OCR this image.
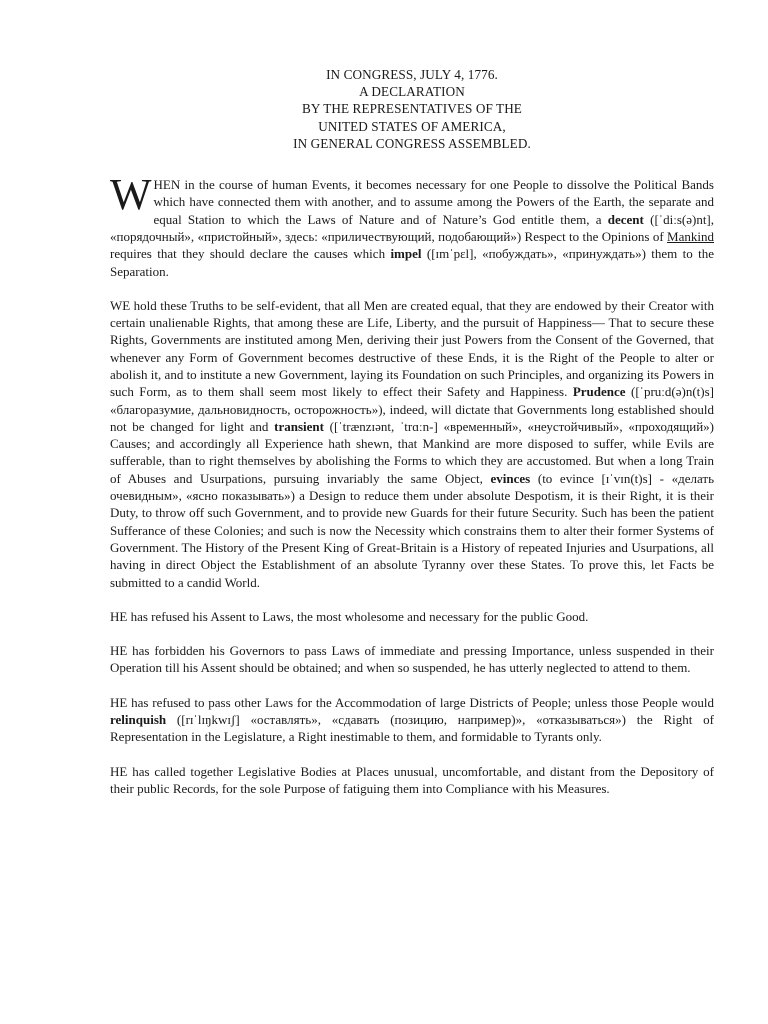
IN CONGRESS, JULY 4, 1776.
A DECLARATION
BY THE REPRESENTATIVES OF THE
UNITED STATES OF AMERICA,
IN GENERAL CONGRESS ASSEMBLED.

WHEN in the course of human Events, it becomes necessary for one People to dissolve the Political Bands which have connected them with another, and to assume among the Powers of the Earth, the separate and equal Station to which the Laws of Nature and of Nature’s God entitle them, a decent ([ˈdiːs(ə)nt], «порядочный», «пристойный», здесь: «приличествующий, подобающий») Respect to the Opinions of Mankind requires that they should declare the causes which impel ([ɪmˈpɛl], «побуждать», «принуждать») them to the Separation.

WE hold these Truths to be self-evident, that all Men are created equal, that they are endowed by their Creator with certain unalienable Rights, that among these are Life, Liberty, and the pursuit of Happiness— That to secure these Rights, Governments are instituted among Men, deriving their just Powers from the Consent of the Governed, that whenever any Form of Government becomes destructive of these Ends, it is the Right of the People to alter or abolish it, and to institute a new Government, laying its Foundation on such Principles, and organizing its Powers in such Form, as to them shall seem most likely to effect their Safety and Happiness. Prudence ([ˈpruːd(ə)n(t)s] «благоразумие, дальновидность, осторожность»), indeed, will dictate that Governments long established should not be changed for light and transient ([ˈtrænzɪənt, ˈtrɑːn-] «временный», «неустойчивый», «проходящий») Causes; and accordingly all Experience hath shewn, that Mankind are more disposed to suffer, while Evils are sufferable, than to right themselves by abolishing the Forms to which they are accustomed. But when a long Train of Abuses and Usurpations, pursuing invariably the same Object, evinces (to evince [ɪˈvɪn(t)s] - «делать очевидным», «ясно показывать») a Design to reduce them under absolute Despotism, it is their Right, it is their Duty, to throw off such Government, and to provide new Guards for their future Security. Such has been the patient Sufferance of these Colonies; and such is now the Necessity which constrains them to alter their former Systems of Government. The History of the Present King of Great-Britain is a History of repeated Injuries and Usurpations, all having in direct Object the Establishment of an absolute Tyranny over these States. To prove this, let Facts be submitted to a candid World.

HE has refused his Assent to Laws, the most wholesome and necessary for the public Good.

HE has forbidden his Governors to pass Laws of immediate and pressing Importance, unless suspended in their Operation till his Assent should be obtained; and when so suspended, he has utterly neglected to attend to them.

HE has refused to pass other Laws for the Accommodation of large Districts of People; unless those People would relinquish ([rɪˈlɪŋkwɪʃ] «оставлять», «сдавать (позицию, например)», «отказываться») the Right of Representation in the Legislature, a Right inestimable to them, and formidable to Tyrants only.

HE has called together Legislative Bodies at Places unusual, uncomfortable, and distant from the Depository of their public Records, for the sole Purpose of fatiguing them into Compliance with his Measures.
